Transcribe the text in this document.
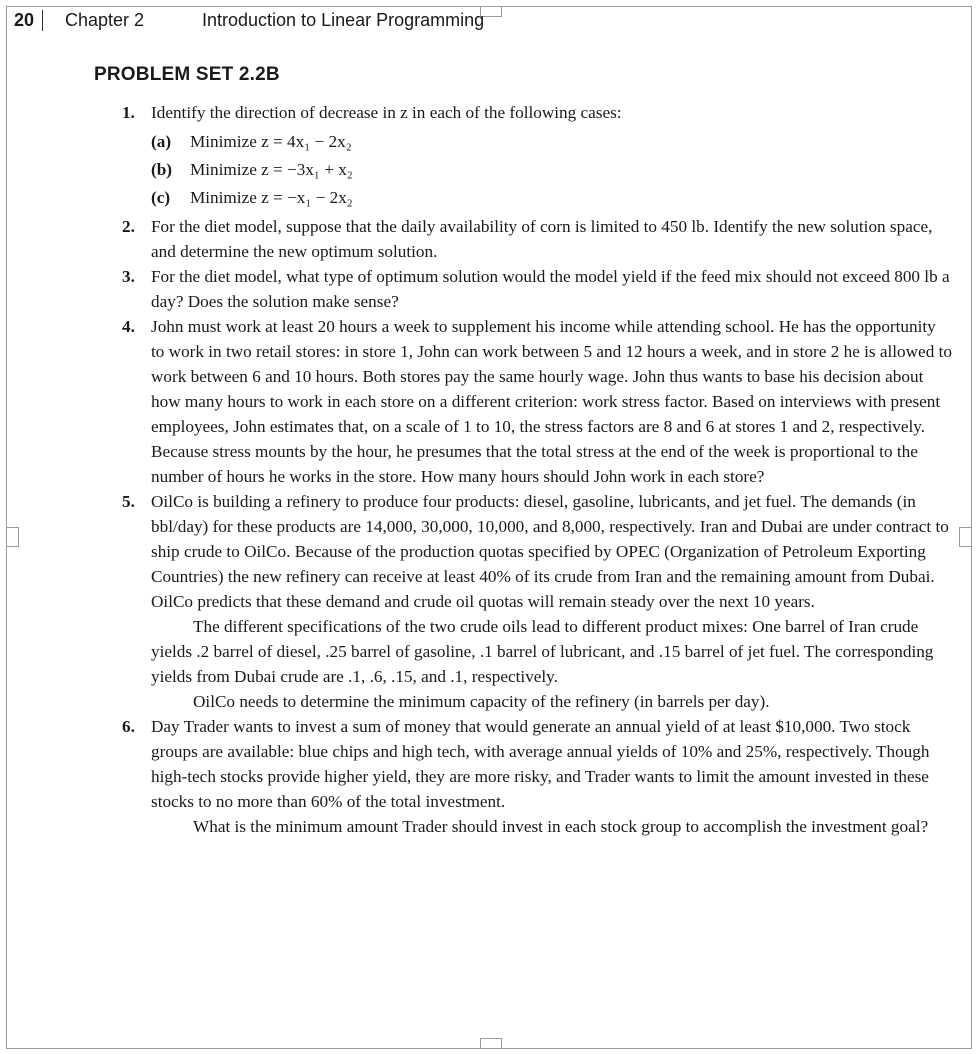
20	Chapter 2	Introduction to Linear Programming
PROBLEM SET 2.2B
1. Identify the direction of decrease in z in each of the following cases:
(a)	Minimize z = 4x₁ − 2x₂
(b)	Minimize z = −3x₁ + x₂
(c)	Minimize z = −x₁ − 2x₂
2. For the diet model, suppose that the daily availability of corn is limited to 450 lb. Identify the new solution space, and determine the new optimum solution.
3. For the diet model, what type of optimum solution would the model yield if the feed mix should not exceed 800 lb a day? Does the solution make sense?
4. John must work at least 20 hours a week to supplement his income while attending school. He has the opportunity to work in two retail stores: in store 1, John can work between 5 and 12 hours a week, and in store 2 he is allowed to work between 6 and 10 hours. Both stores pay the same hourly wage. John thus wants to base his decision about how many hours to work in each store on a different criterion: work stress factor. Based on interviews with present employees, John estimates that, on a scale of 1 to 10, the stress factors are 8 and 6 at stores 1 and 2, respectively. Because stress mounts by the hour, he presumes that the total stress at the end of the week is proportional to the number of hours he works in the store. How many hours should John work in each store?
5. OilCo is building a refinery to produce four products: diesel, gasoline, lubricants, and jet fuel. The demands (in bbl/day) for these products are 14,000, 30,000, 10,000, and 8,000, respectively. Iran and Dubai are under contract to ship crude to OilCo. Because of the production quotas specified by OPEC (Organization of Petroleum Exporting Countries) the new refinery can receive at least 40% of its crude from Iran and the remaining amount from Dubai. OilCo predicts that these demand and crude oil quotas will remain steady over the next 10 years.
The different specifications of the two crude oils lead to different product mixes: One barrel of Iran crude yields .2 barrel of diesel, .25 barrel of gasoline, .1 barrel of lubricant, and .15 barrel of jet fuel. The corresponding yields from Dubai crude are .1, .6, .15, and .1, respectively.
OilCo needs to determine the minimum capacity of the refinery (in barrels per day).
6. Day Trader wants to invest a sum of money that would generate an annual yield of at least $10,000. Two stock groups are available: blue chips and high tech, with average annual yields of 10% and 25%, respectively. Though high-tech stocks provide higher yield, they are more risky, and Trader wants to limit the amount invested in these stocks to no more than 60% of the total investment.
What is the minimum amount Trader should invest in each stock group to accomplish the investment goal?
